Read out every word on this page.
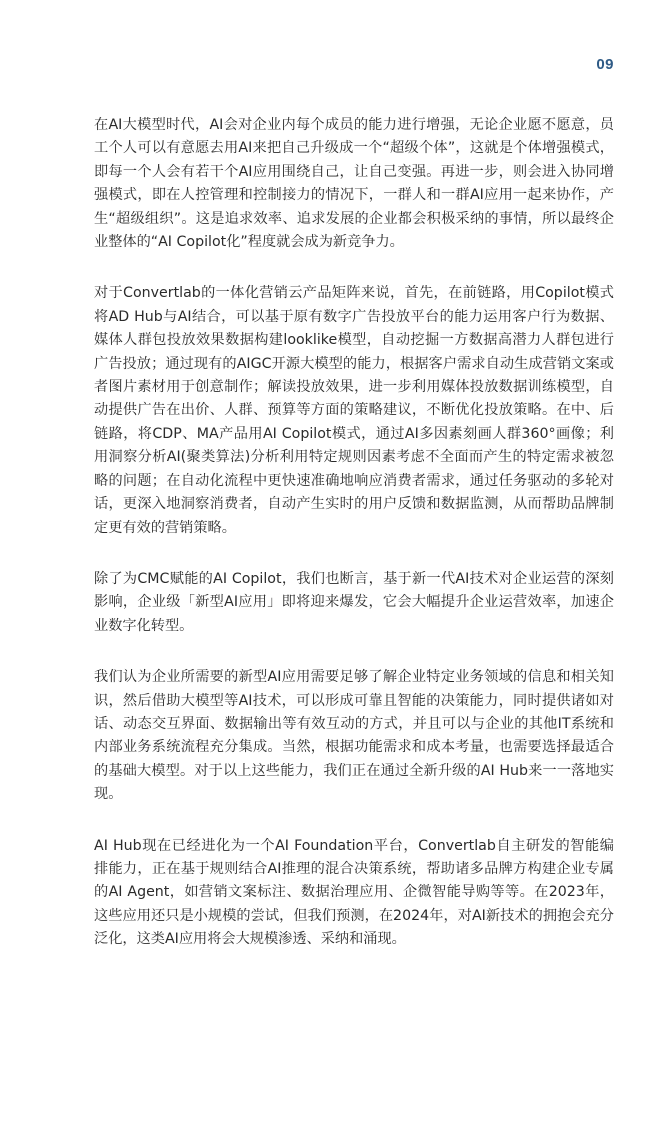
09

在AI大模型时代，AI会对企业内每个成员的能力进行增强，无论企业愿不愿意，员工个人可以有意愿去用AI来把自己升级成一个“超级个体”，这就是个体增强模式，即每一个人会有若干个AI应用围绕自己，让自己变强。再进一步，则会进入协同增强模式，即在人控管理和控制接力的情况下，一群人和一群AI应用一起来协作，产生“超级组织”。这是追求效率、追求发展的企业都会积极采纳的事情，所以最终企业整体的“AI Copilot化”程度就会成为新竞争力。

对于Convertlab的一体化营销云产品矩阵来说，首先，在前链路，用Copilot模式将AD Hub与AI结合，可以基于原有数字广告投放平台的能力运用客户行为数据、媒体人群包投放效果数据构建looklike模型，自动挖掘一方数据高潜力人群包进行广告投放；通过现有的AIGC开源大模型的能力，根据客户需求自动生成营销文案或者图片素材用于创意制作；解读投放效果，进一步利用媒体投放数据训练模型，自动提供广告在出价、人群、预算等方面的策略建议，不断优化投放策略。在中、后链路，将CDP、MA产品用AI Copilot模式，通过AI多因素刻画人群360°画像；利用洞察分析AI(聚类算法)分析利用特定规则因素考虑不全面而产生的特定需求被忽略的问题；在自动化流程中更快速准确地响应消费者需求，通过任务驱动的多轮对话，更深入地洞察消费者，自动产生实时的用户反馈和数据监测，从而帮助品牌制定更有效的营销策略。

除了为CMC赋能的AI Copilot，我们也断言，基于新一代AI技术对企业运营的深刻影响，企业级「新型AI应用」即将迎来爆发，它会大幅提升企业运营效率，加速企业数字化转型。

我们认为企业所需要的新型AI应用需要足够了解企业特定业务领域的信息和相关知识，然后借助大模型等AI技术，可以形成可靠且智能的决策能力，同时提供诸如对话、动态交互界面、数据输出等有效互动的方式，并且可以与企业的其他IT系统和内部业务系统流程充分集成。当然，根据功能需求和成本考量，也需要选择最适合的基础大模型。对于以上这些能力，我们正在通过全新升级的AI Hub来一一落地实现。

AI Hub现在已经进化为一个AI Foundation平台，Convertlab自主研发的智能编排能力，正在基于规则结合AI推理的混合决策系统，帮助诸多品牌方构建企业专属的AI Agent，如营销文案标注、数据治理应用、企微智能导购等等。在2023年，这些应用还只是小规模的尝试，但我们预测，在2024年，对AI新技术的拥抱会充分泛化，这类AI应用将会大规模渗透、采纳和涌现。
